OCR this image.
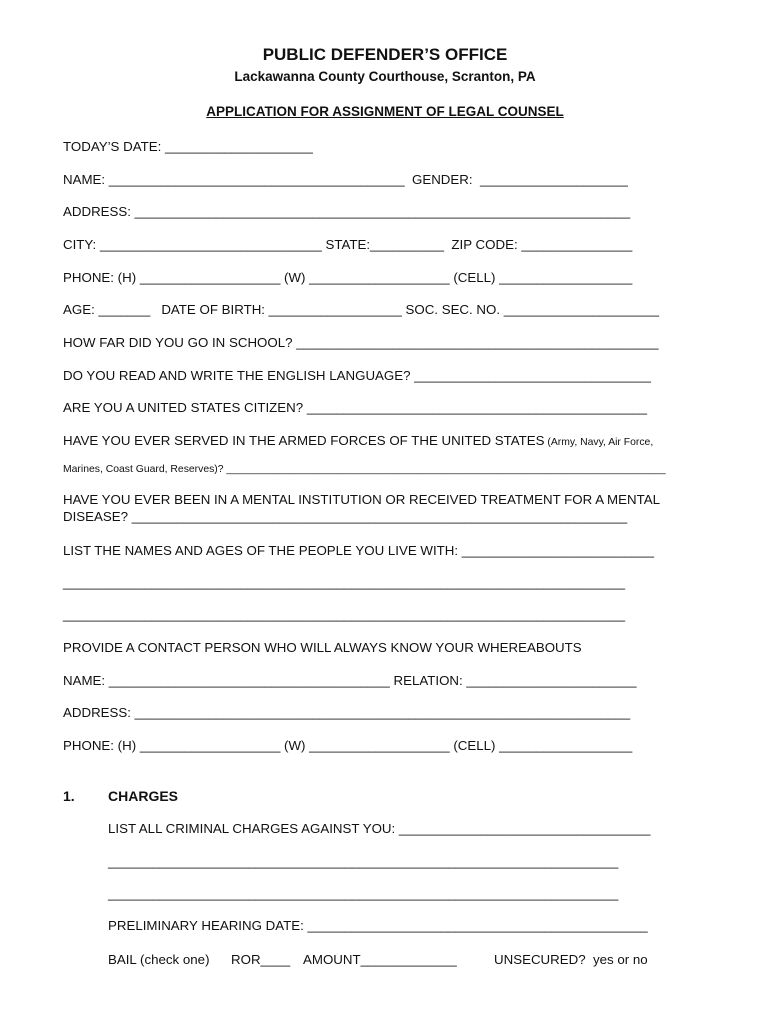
PUBLIC DEFENDER’S OFFICE
Lackawanna County Courthouse, Scranton, PA
APPLICATION FOR ASSIGNMENT OF LEGAL COUNSEL
TODAY’S DATE: ____________________
NAME: ________________________________________  GENDER:  ____________________
ADDRESS: ___________________________________________________________________
CITY: ______________________________ STATE:__________  ZIP CODE: _______________
PHONE: (H) ___________________ (W) ___________________ (CELL) __________________
AGE: _______   DATE OF BIRTH: __________________ SOC. SEC. NO. _____________________
HOW FAR DID YOU GO IN SCHOOL? _________________________________________________
DO YOU READ AND WRITE THE ENGLISH LANGUAGE? ________________________________
ARE YOU A UNITED STATES CITIZEN? ______________________________________________
HAVE YOU EVER SERVED IN THE ARMED FORCES OF THE UNITED STATES (Army, Navy, Air Force,
Marines, Coast Guard, Reserves)? ____________________________________________________________________________
HAVE YOU EVER BEEN IN A MENTAL INSTITUTION OR RECEIVED TREATMENT FOR A MENTAL
DISEASE? ___________________________________________________________________
LIST THE NAMES AND AGES OF THE PEOPLE YOU LIVE WITH: __________________________
____________________________________________________________________________
____________________________________________________________________________
PROVIDE A CONTACT PERSON WHO WILL ALWAYS KNOW YOUR WHEREABOUTS
NAME: ______________________________________ RELATION: _______________________
ADDRESS: ___________________________________________________________________
PHONE: (H) ___________________ (W) ___________________ (CELL) __________________
1. CHARGES
LIST ALL CRIMINAL CHARGES AGAINST YOU: __________________________________
_____________________________________________________________________
_____________________________________________________________________
PRELIMINARY HEARING DATE: ______________________________________________
BAIL (check one) ROR____ AMOUNT_____________	UNSECURED?  yes or no
